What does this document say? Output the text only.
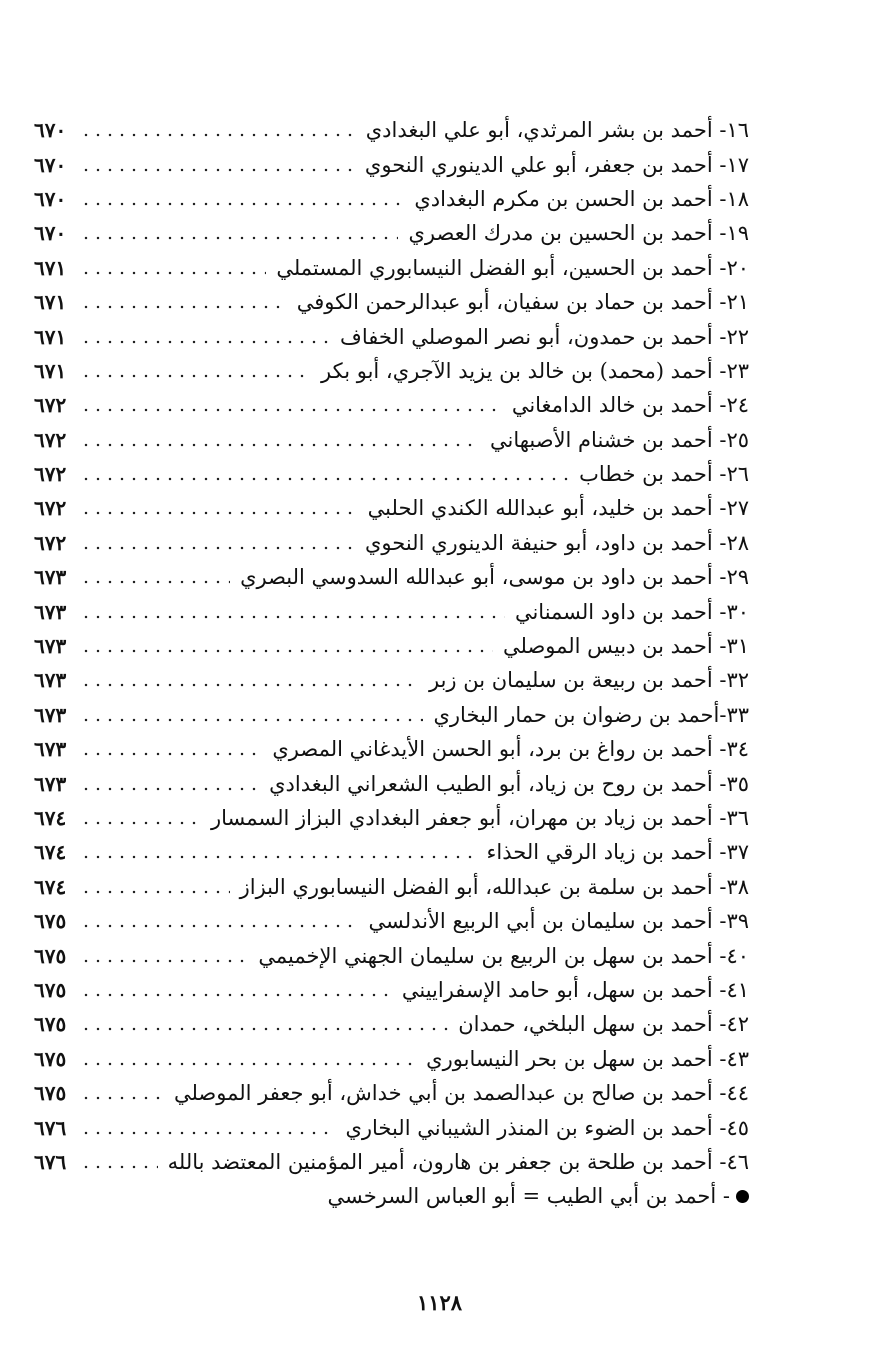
١٦- أحمد بن بشر المرثدي، أبو علي البغدادي
٦٧٠
١٧- أحمد بن جعفر، أبو علي الدينوري النحوي
٦٧٠
١٨- أحمد بن الحسن بن مكرم البغدادي
٦٧٠
١٩- أحمد بن الحسين بن مدرك العصري
٦٧٠
٢٠- أحمد بن الحسين، أبو الفضل النيسابوري المستملي
٦٧١
٢١- أحمد بن حماد بن سفيان، أبو عبدالرحمن الكوفي
٦٧١
٢٢- أحمد بن حمدون، أبو نصر الموصلي الخفاف
٦٧١
٢٣- أحمد (محمد) بن خالد بن يزيد الآجري، أبو بكر
٦٧١
٢٤- أحمد بن خالد الدامغاني
٦٧٢
٢٥- أحمد بن خشنام الأصبهاني
٦٧٢
٢٦- أحمد بن خطاب
٦٧٢
٢٧- أحمد بن خليد، أبو عبدالله الكندي الحلبي
٦٧٢
٢٨- أحمد بن داود، أبو حنيفة الدينوري النحوي
٦٧٢
٢٩- أحمد بن داود بن موسى، أبو عبدالله السدوسي البصري
٦٧٣
٣٠- أحمد بن داود السمناني
٦٧٣
٣١- أحمد بن دبيس الموصلي
٦٧٣
٣٢- أحمد بن ربيعة بن سليمان بن زبر
٦٧٣
٣٣-أحمد بن رضوان بن حمار البخاري
٦٧٣
٣٤- أحمد بن رواغ بن برد، أبو الحسن الأيدغاني المصري
٦٧٣
٣٥- أحمد بن روح بن زياد، أبو الطيب الشعراني البغدادي
٦٧٣
٣٦- أحمد بن زياد بن مهران، أبو جعفر البغدادي البزاز السمسار
٦٧٤
٣٧- أحمد بن زياد الرقي الحذاء
٦٧٤
٣٨- أحمد بن سلمة بن عبدالله، أبو الفضل النيسابوري البزاز
٦٧٤
٣٩- أحمد بن سليمان بن أبي الربيع الأندلسي
٦٧٥
٤٠- أحمد بن سهل بن الربيع بن سليمان الجهني الإخميمي
٦٧٥
٤١- أحمد بن سهل، أبو حامد الإسفراييني
٦٧٥
٤٢- أحمد بن سهل البلخي، حمدان
٦٧٥
٤٣- أحمد بن سهل بن بحر النيسابوري
٦٧٥
٤٤- أحمد بن صالح بن عبدالصمد بن أبي خداش، أبو جعفر الموصلي
٦٧٥
٤٥- أحمد بن الضوء بن المنذر الشيباني البخاري
٦٧٦
٤٦- أحمد بن طلحة بن جعفر بن هارون، أمير المؤمنين المعتضد بالله
٦٧٦
- أحمد بن أبي الطيب = أبو العباس السرخسي
١١٢٨
